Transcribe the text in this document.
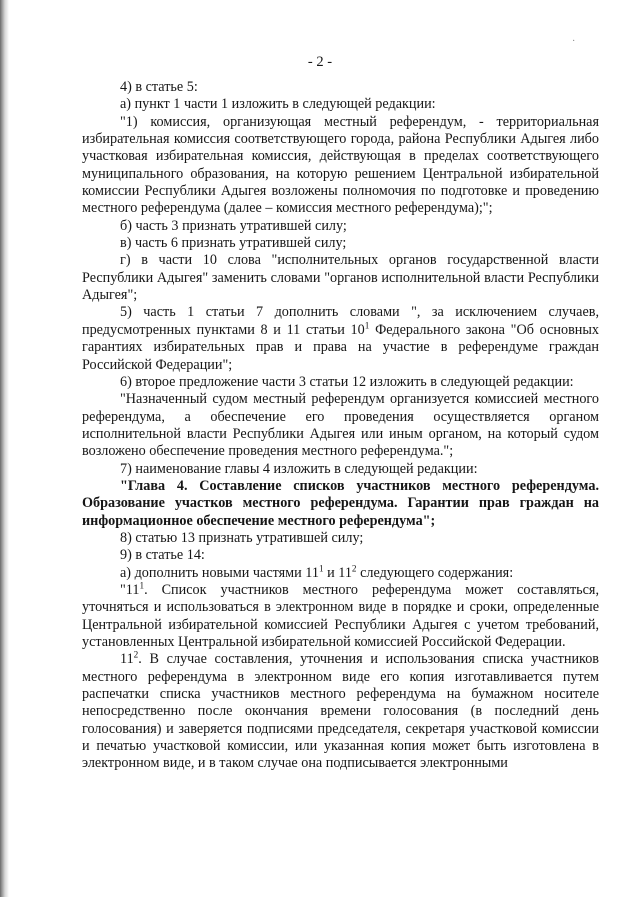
·
- 2 -

4) в статье 5:

а) пункт 1 части 1 изложить в следующей редакции:

"1) комиссия, организующая местный референдум, - территориальная избирательная комиссия соответствующего города, района Республики Адыгея либо участковая избирательная комиссия, действующая в пределах соответствующего муниципального образования, на которую решением Центральной избирательной комиссии Республики Адыгея возложены полномочия по подготовке и проведению местного референдума (далее – комиссия местного референдума);";

б) часть 3 признать утратившей силу;

в) часть 6 признать утратившей силу;

г) в части 10 слова "исполнительных органов государственной власти Республики Адыгея" заменить словами "органов исполнительной власти Республики Адыгея";

5) часть 1 статьи 7 дополнить словами ", за исключением случаев, предусмотренных пунктами 8 и 11 статьи $10^1$ Федерального закона "Об основных гарантиях избирательных прав и права на участие в референдуме граждан Российской Федерации";

6) второе предложение части 3 статьи 12 изложить в следующей редакции:

"Назначенный судом местный референдум организуется комиссией местного референдума, а обеспечение его проведения осуществляется органом исполнительной власти Республики Адыгея или иным органом, на который судом возложено обеспечение проведения местного референдума.";

7) наименование главы 4 изложить в следующей редакции:

"Глава 4. Составление списков участников местного референдума. Образование участков местного референдума. Гарантии прав граждан на информационное обеспечение местного референдума";

8) статью 13 признать утратившей силу;

9) в статье 14:

а) дополнить новыми частями $11^1$ и $11^2$ следующего содержания:

"$11^1$. Список участников местного референдума может составляться, уточняться и использоваться в электронном виде в порядке и сроки, определенные Центральной избирательной комиссией Республики Адыгея с учетом требований, установленных Центральной избирательной комиссией Российской Федерации.

$11^2$. В случае составления, уточнения и использования списка участников местного референдума в электронном виде его копия изготавливается путем распечатки списка участников местного референдума на бумажном носителе непосредственно после окончания времени голосования (в последний день голосования) и заверяется подписями председателя, секретаря участковой комиссии и печатью участковой комиссии, или указанная копия может быть изготовлена в электронном виде, и в таком случае она подписывается электронными
